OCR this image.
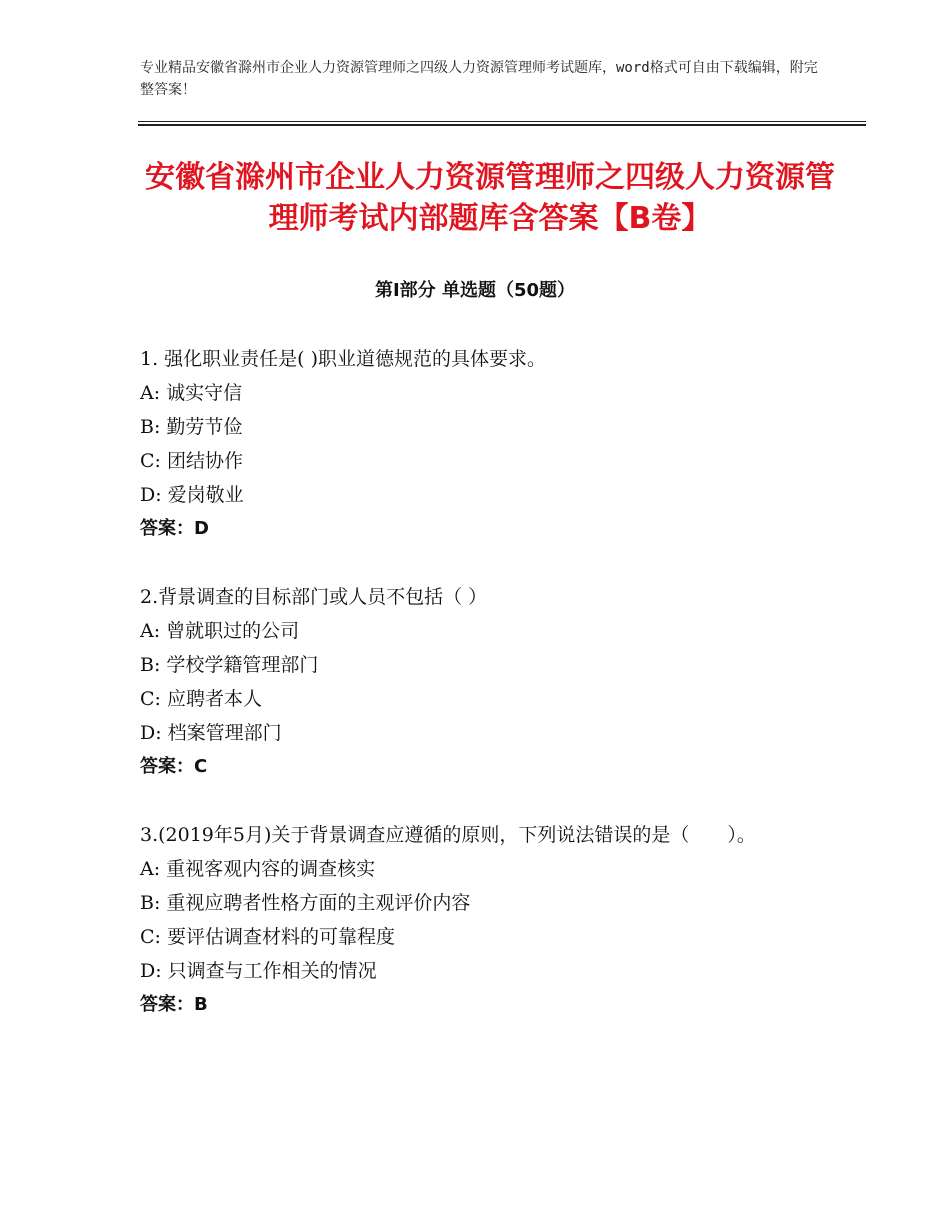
专业精品安徽省滁州市企业人力资源管理师之四级人力资源管理师考试题库，word格式可自由下载编辑，附完整答案！
安徽省滁州市企业人力资源管理师之四级人力资源管理师考试内部题库含答案【B卷】
第Ⅰ部分 单选题（50题）
1. 强化职业责任是( )职业道德规范的具体要求。
A: 诚实守信
B: 勤劳节俭
C: 团结协作
D: 爱岗敬业
答案：D
2.背景调查的目标部门或人员不包括（ ）
A: 曾就职过的公司
B: 学校学籍管理部门
C: 应聘者本人
D: 档案管理部门
答案：C
3.(2019年5月)关于背景调查应遵循的原则，下列说法错误的是（　　）。
A: 重视客观内容的调查核实
B: 重视应聘者性格方面的主观评价内容
C: 要评估调查材料的可靠程度
D: 只调查与工作相关的情况
答案：B
